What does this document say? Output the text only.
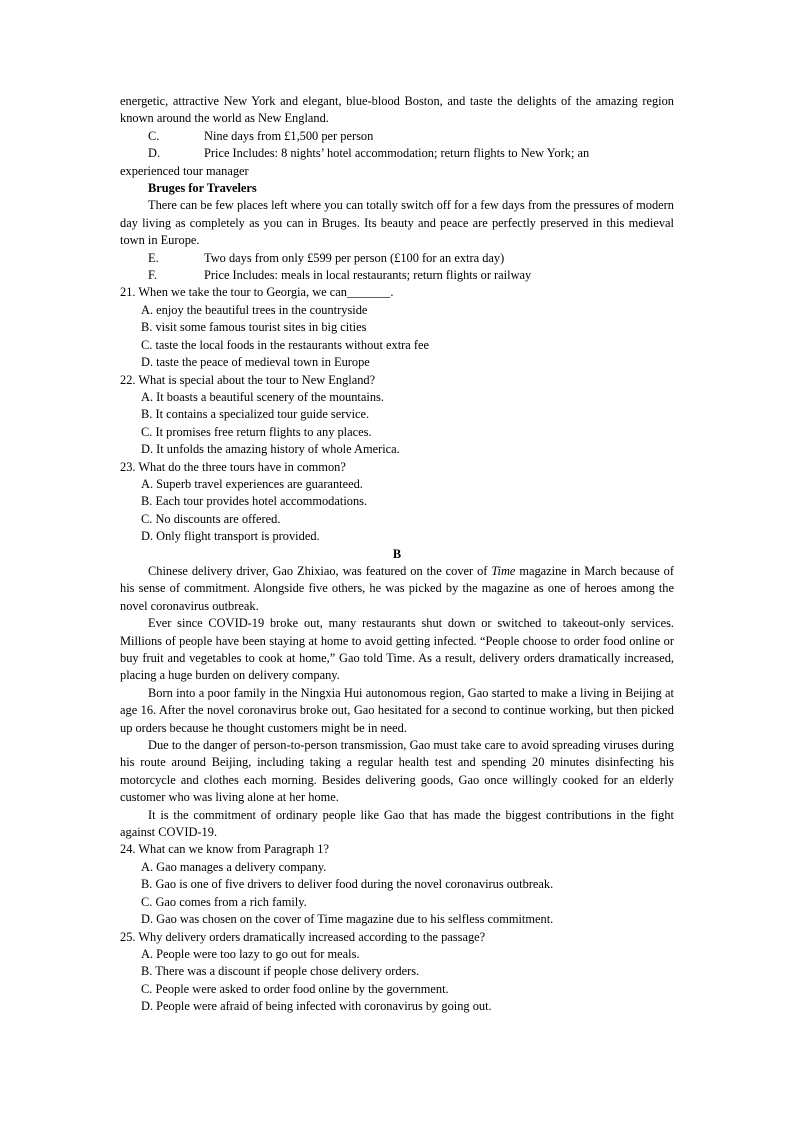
energetic, attractive New York and elegant, blue-blood Boston, and taste the delights of the amazing region known around the world as New England.

C.	Nine days from £1,500 per person
D.	Price Includes: 8 nights’ hotel accommodation; return flights to New York; an

experienced tour manager

Bruges for Travelers

There can be few places left where you can totally switch off for a few days from the pressures of modern day living as completely as you can in Bruges. Its beauty and peace are perfectly preserved in this medieval town in Europe.

E.	Two days from only £599 per person (£100 for an extra day)
F.	Price Includes: meals in local restaurants; return flights or railway

21. When we take the tour to Georgia, we can_______.

A. enjoy the beautiful trees in the countryside

B. visit some famous tourist sites in big cities

C. taste the local foods in the restaurants without extra fee

D. taste the peace of medieval town in Europe

22. What is special about the tour to New England?

A. It boasts a beautiful scenery of the mountains.

B. It contains a specialized tour guide service.

C. It promises free return flights to any places.

D. It unfolds the amazing history of whole America.

23. What do the three tours have in common?

A. Superb travel experiences are guaranteed.

B. Each tour provides hotel accommodations.

C. No discounts are offered.

D. Only flight transport is provided.

B

Chinese delivery driver, Gao Zhixiao, was featured on the cover of Time magazine in March because of his sense of commitment. Alongside five others, he was picked by the magazine as one of heroes among the novel coronavirus outbreak.

Ever since COVID-19 broke out, many restaurants shut down or switched to takeout-only services. Millions of people have been staying at home to avoid getting infected. “People choose to order food online or buy fruit and vegetables to cook at home,” Gao told Time. As a result, delivery orders dramatically increased, placing a huge burden on delivery company.

Born into a poor family in the Ningxia Hui autonomous region, Gao started to make a living in Beijing at age 16. After the novel coronavirus broke out, Gao hesitated for a second to continue working, but then picked up orders because he thought customers might be in need.

Due to the danger of person-to-person transmission, Gao must take care to avoid spreading viruses during his route around Beijing, including taking a regular health test and spending 20 minutes disinfecting his motorcycle and clothes each morning. Besides delivering goods, Gao once willingly cooked for an elderly customer who was living alone at her home.

It is the commitment of ordinary people like Gao that has made the biggest contributions in the fight against COVID-19.

24. What can we know from Paragraph 1?

A. Gao manages a delivery company.

B. Gao is one of five drivers to deliver food during the novel coronavirus outbreak.

C. Gao comes from a rich family.

D. Gao was chosen on the cover of Time magazine due to his selfless commitment.

25. Why delivery orders dramatically increased according to the passage?

A. People were too lazy to go out for meals.

B. There was a discount if people chose delivery orders.

C. People were asked to order food online by the government.

D. People were afraid of being infected with coronavirus by going out.
